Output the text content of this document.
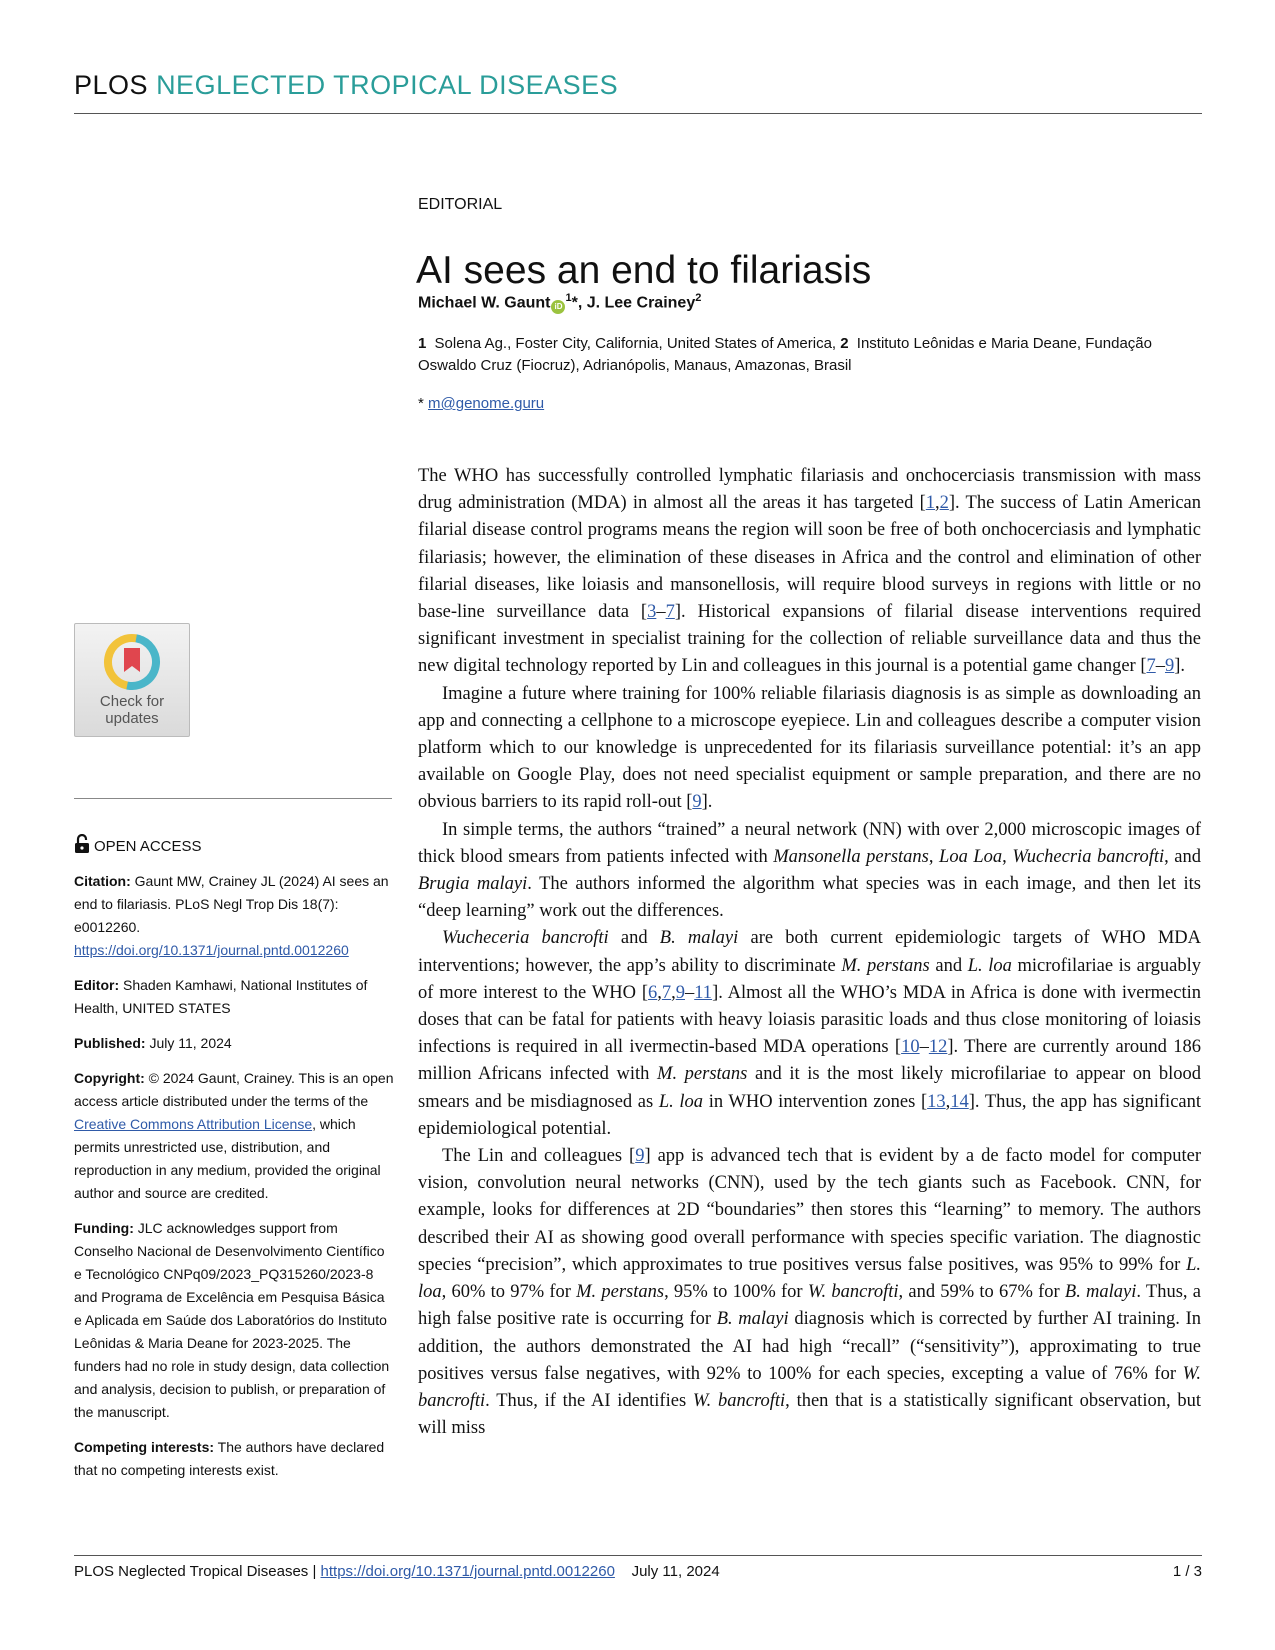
PLOS NEGLECTED TROPICAL DISEASES
EDITORIAL
AI sees an end to filariasis
Michael W. Gaunt $iD^1*$, J. Lee Crainey$^2$
1 Solena Ag., Foster City, California, United States of America, 2 Instituto Leônidas e Maria Deane, Fundação Oswaldo Cruz (Fiocruz), Adrianópolis, Manaus, Amazonas, Brasil
* m@genome.guru
Check for
updates
OPEN ACCESS

Citation: Gaunt MW, Crainey JL (2024) AI sees an end to filariasis. PLoS Negl Trop Dis 18(7): e0012260. https://doi.org/10.1371/journal.pntd.0012260

Editor: Shaden Kamhawi, National Institutes of Health, UNITED STATES

Published: July 11, 2024

Copyright: © 2024 Gaunt, Crainey. This is an open access article distributed under the terms of the Creative Commons Attribution License, which permits unrestricted use, distribution, and reproduction in any medium, provided the original author and source are credited.

Funding: JLC acknowledges support from Conselho Nacional de Desenvolvimento Científico e Tecnológico CNPq09/2023_PQ315260/2023-8 and Programa de Excelência em Pesquisa Básica e Aplicada em Saúde dos Laboratórios do Instituto Leônidas & Maria Deane for 2023-2025. The funders had no role in study design, data collection and analysis, decision to publish, or preparation of the manuscript.

Competing interests: The authors have declared that no competing interests exist.

The WHO has successfully controlled lymphatic filariasis and onchocerciasis transmission with mass drug administration (MDA) in almost all the areas it has targeted [1,2]. The success of Latin American filarial disease control programs means the region will soon be free of both onchocerciasis and lymphatic filariasis; however, the elimination of these diseases in Africa and the control and elimination of other filarial diseases, like loiasis and mansonellosis, will require blood surveys in regions with little or no base-line surveillance data [3–7]. Historical expansions of filarial disease interventions required significant investment in specialist training for the collection of reliable surveillance data and thus the new digital technology reported by Lin and colleagues in this journal is a potential game changer [7–9].

Imagine a future where training for 100% reliable filariasis diagnosis is as simple as downloading an app and connecting a cellphone to a microscope eyepiece. Lin and colleagues describe a computer vision platform which to our knowledge is unprecedented for its filariasis surveillance potential: it’s an app available on Google Play, does not need specialist equipment or sample preparation, and there are no obvious barriers to its rapid roll-out [9].

In simple terms, the authors “trained” a neural network (NN) with over 2,000 microscopic images of thick blood smears from patients infected with Mansonella perstans, Loa Loa, Wuchecria bancrofti, and Brugia malayi. The authors informed the algorithm what species was in each image, and then let its “deep learning” work out the differences.

Wucheceria bancrofti and B. malayi are both current epidemiologic targets of WHO MDA interventions; however, the app’s ability to discriminate M. perstans and L. loa microfilariae is arguably of more interest to the WHO [6,7,9–11]. Almost all the WHO’s MDA in Africa is done with ivermectin doses that can be fatal for patients with heavy loiasis parasitic loads and thus close monitoring of loiasis infections is required in all ivermectin-based MDA operations [10–12]. There are currently around 186 million Africans infected with M. perstans and it is the most likely microfilariae to appear on blood smears and be misdiagnosed as L. loa in WHO intervention zones [13,14]. Thus, the app has significant epidemiological potential.

The Lin and colleagues [9] app is advanced tech that is evident by a de facto model for computer vision, convolution neural networks (CNN), used by the tech giants such as Facebook. CNN, for example, looks for differences at 2D “boundaries” then stores this “learning” to memory. The authors described their AI as showing good overall performance with species specific variation. The diagnostic species “precision”, which approximates to true positives versus false positives, was 95% to 99% for L. loa, 60% to 97% for M. perstans, 95% to 100% for W. bancrofti, and 59% to 67% for B. malayi. Thus, a high false positive rate is occurring for B. malayi diagnosis which is corrected by further AI training. In addition, the authors demonstrated the AI had high “recall” (“sensitivity”), approximating to true positives versus false negatives, with 92% to 100% for each species, excepting a value of 76% for W. bancrofti. Thus, if the AI identifies W. bancrofti, then that is a statistically significant observation, but will miss

PLOS Neglected Tropical Diseases | https://doi.org/10.1371/journal.pntd.0012260 July 11, 2024	1 / 3
